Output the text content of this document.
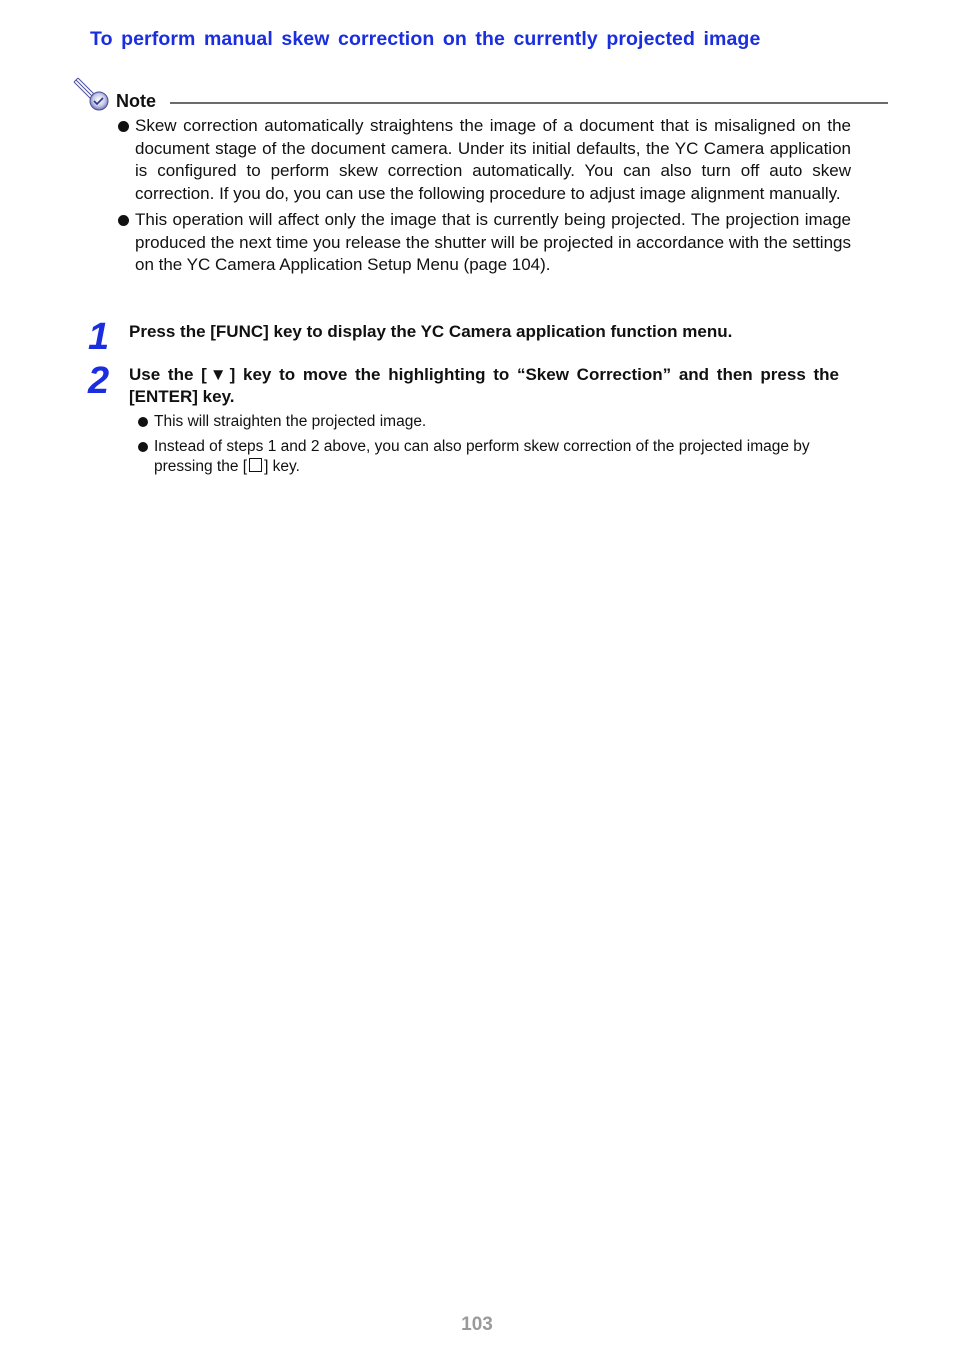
To perform manual skew correction on the currently projected image
Note
Skew correction automatically straightens the image of a document that is misaligned on the document stage of the document camera. Under its initial defaults, the YC Camera application is configured to perform skew correction automatically. You can also turn off auto skew correction. If you do, you can use the following procedure to adjust image alignment manually.
This operation will affect only the image that is currently being projected. The projection image produced the next time you release the shutter will be projected in accordance with the settings on the YC Camera Application Setup Menu (page 104).
1 Press the [FUNC] key to display the YC Camera application function menu.
2 Use the [▼] key to move the highlighting to “Skew Correction” and then press the [ENTER] key.
This will straighten the projected image.
Instead of steps 1 and 2 above, you can also perform skew correction of the projected image by pressing the [ ] key.
103
